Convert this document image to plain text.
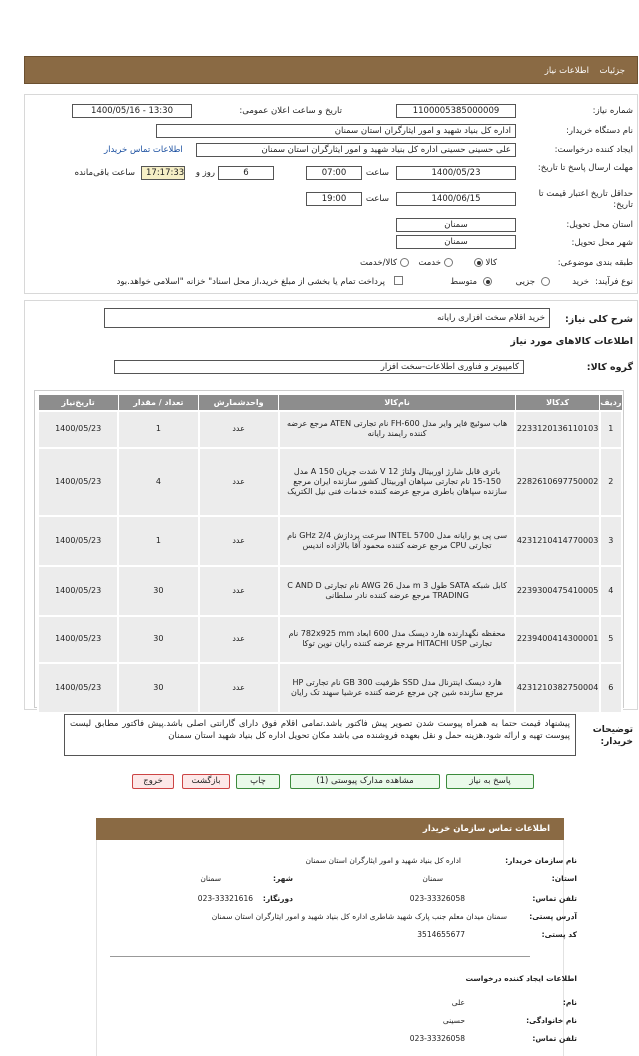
جزئیات
اطلاعات نیاز
شماره نیاز:
1100005385000009
تاریخ و ساعت اعلان عمومی:
1400/05/16 - 13:30
نام دستگاه خریدار:
اداره کل بنیاد شهید و امور ایثارگران استان سمنان
ایجاد کننده درخواست:
علی حسینی حسینی اداره کل بنیاد شهید و امور ایثارگران استان سمنان
اطلاعات تماس خریدار
مهلت ارسال پاسخ تا تاریخ:
1400/05/23
ساعت
07:00
6
روز و
17:17:33
ساعت باقی‌مانده
حداقل تاریخ اعتبار قیمت تا تاریخ:
1400/06/15
ساعت
19:00
استان محل تحویل:
سمنان
شهر محل تحویل:
سمنان
طبقه بندی موضوعی:
کالا
خدمت
کالا/خدمت
نوع فرآیند:
خرید
جزیی
متوسط
پرداخت تمام یا بخشی از مبلغ خرید،از محل اسناد" خزانه "اسلامی خواهد.بود
شرح کلی نیاز:
خرید اقلام سخت افزاری رایانه
اطلاعات کالاهای مورد نیاز
گروه کالا:
کامپیوتر و فناوری اطلاعات-سخت افزار
ردیف	کدکالا	نام‌کالا	واحدشمارش	تعداد / مقدار	تاریخ‌نیاز
1	2233120136110103	هاب سوئیچ فایر وایر مدل FH-600 نام تجارتی ATEN مرجع عرضه کننده رایمند رایانه	عدد	1	1400/05/23
2	2282610697750002	باتری قابل شارژ اوربیتال ولتاژ 12 V شدت جریان 150 A مدل 150-15 نام تجارتی سپاهان اوربیتال کشور سازنده ایران مرجع سازنده سپاهان باطری مرجع عرضه کننده خدمات فنی نیل الکتریک	عدد	4	1400/05/23
3	4231210414770003	سی پی یو رایانه مدل 5700 INTEL سرعت پردازش 2/4 GHz نام تجارتی CPU مرجع عرضه کننده محمود آقا بالازاده انديس	عدد	1	1400/05/23
4	2239300475410005	کابل شبکه SATA طول 3 m مدل 26 AWG نام تجارتی C AND D TRADING مرجع عرضه کننده نادر سلطانی	عدد	30	1400/05/23
5	2239400414300001	محفظه نگهدارنده هارد دیسک مدل 600 ابعاد 782x925 mm نام تجارتی HITACHI USP مرجع عرضه کننده رایان نوین توکا	عدد	30	1400/05/23
6	4231210382750004	هارد دیسک اینترنال مدل SSD ظرفیت GB 300 نام تجارتی HP مرجع سازنده شین چن مرجع عرضه کننده عرشیا سهند تک رایان	عدد	30	1400/05/23
توضیحات خریدار:
پیشنهاد قیمت حتما به همراه پیوست شدن تصویر پیش فاکتور باشد.تمامی اقلام فوق دارای گارانتی اصلی باشد.پیش فاکتور مطابق لیست پیوست تهیه و ارائه شود.هزینه حمل و نقل بعهده فروشنده می باشد مکان تحویل اداره کل بنیاد شهید استان سمنان
پاسخ به نیاز
مشاهده مدارک پیوستی (1)
چاپ
بازگشت
خروج
اطلاعات تماس سازمان خریدار
نام سازمان خریدار:
اداره کل بنیاد شهید و امور ایثارگران استان سمنان
استان:
سمنان
شهر:
سمنان
تلفن تماس:
023-33326058
دورنگار:
023-33321616
آدرس پستی:
سمنان میدان معلم جنب پارک شهید شاطری اداره کل بنیاد شهید و امور ایثارگران استان سمنان
کد پستی:
3514655677
اطلاعات ایجاد کننده درخواست
نام:
علی
نام خانوادگی:
حسینی
تلفن تماس:
023-33326058
